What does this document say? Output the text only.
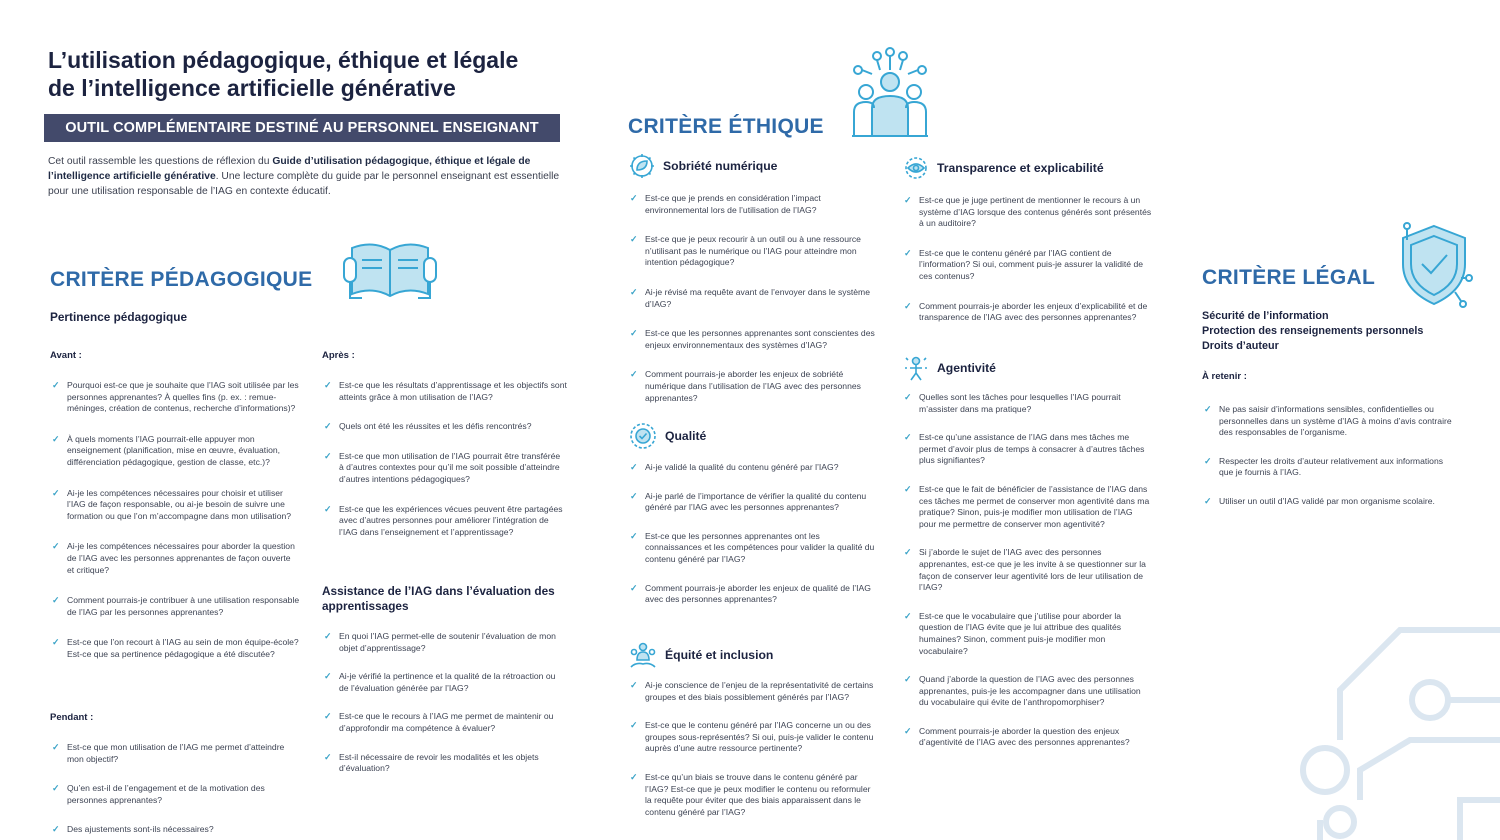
L’utilisation pédagogique, éthique et légale
de l’intelligence artificielle générative
OUTIL COMPLÉMENTAIRE DESTINÉ AU PERSONNEL ENSEIGNANT

Cet outil rassemble les questions de réflexion du Guide d’utilisation pédagogique, éthique et légale de l’intelligence artificielle générative. Une lecture complète du guide par le personnel enseignant est essentielle pour une utilisation responsable de l’IAG en contexte éducatif.

CRITÈRE PÉDAGOGIQUE
Pertinence pédagogique

Avant :

✓ Pourquoi est-ce que je souhaite que l’IAG soit utilisée par les personnes apprenantes? À quelles fins (p. ex. : remue-méninges, création de contenus, recherche d’informations)?
✓ À quels moments l’IAG pourrait-elle appuyer mon enseignement (planification, mise en œuvre, évaluation, différenciation pédagogique, gestion de classe, etc.)?
✓ Ai-je les compétences nécessaires pour choisir et utiliser l’IAG de façon responsable, ou ai-je besoin de suivre une formation ou que l’on m’accompagne dans mon utilisation?
✓ Ai-je les compétences nécessaires pour aborder la question de l’IAG avec les personnes apprenantes de façon ouverte et critique?
✓ Comment pourrais-je contribuer à une utilisation responsable de l’IAG par les personnes apprenantes?
✓ Est-ce que l’on recourt à l’IAG au sein de mon équipe-école? Est-ce que sa pertinence pédagogique a été discutée?

Pendant :

✓ Est-ce que mon utilisation de l’IAG me permet d’atteindre mon objectif?
✓ Qu’en est-il de l’engagement et de la motivation des personnes apprenantes?
✓ Des ajustements sont-ils nécessaires?

Après :

✓ Est-ce que les résultats d’apprentissage et les objectifs sont atteints grâce à mon utilisation de l’IAG?
✓ Quels ont été les réussites et les défis rencontrés?
✓ Est-ce que mon utilisation de l’IAG pourrait être transférée à d’autres contextes pour qu’il me soit possible d’atteindre d’autres intentions pédagogiques?
✓ Est-ce que les expériences vécues peuvent être partagées avec d’autres personnes pour améliorer l’intégration de l’IAG dans l’enseignement et l’apprentissage?
Assistance de l’IAG dans l’évaluation des apprentissages
✓ En quoi l’IAG permet-elle de soutenir l’évaluation de mon objet d’apprentissage?
✓ Ai-je vérifié la pertinence et la qualité de la rétroaction ou de l’évaluation générée par l’IAG?
✓ Est-ce que le recours à l’IAG me permet de maintenir ou d’approfondir ma compétence à évaluer?
✓ Est-il nécessaire de revoir les modalités et les objets d’évaluation?
CRITÈRE ÉTHIQUE
Sobriété numérique
✓ Est-ce que je prends en considération l’impact environnemental lors de l’utilisation de l’IAG?
✓ Est-ce que je peux recourir à un outil ou à une ressource n’utilisant pas le numérique ou l’IAG pour atteindre mon intention pédagogique?
✓ Ai-je révisé ma requête avant de l’envoyer dans le système d’IAG?
✓ Est-ce que les personnes apprenantes sont conscientes des enjeux environnementaux des systèmes d’IAG?
✓ Comment pourrais-je aborder les enjeux de sobriété numérique dans l’utilisation de l’IAG avec des personnes apprenantes?
Qualité
✓ Ai-je validé la qualité du contenu généré par l’IAG?
✓ Ai-je parlé de l’importance de vérifier la qualité du contenu généré par l’IAG avec les personnes apprenantes?
✓ Est-ce que les personnes apprenantes ont les connaissances et les compétences pour valider la qualité du contenu généré par l’IAG?
✓ Comment pourrais-je aborder les enjeux de qualité de l’IAG avec des personnes apprenantes?
Équité et inclusion
✓ Ai-je conscience de l’enjeu de la représentativité de certains groupes et des biais possiblement générés par l’IAG?
✓ Est-ce que le contenu généré par l’IAG concerne un ou des groupes sous-représentés? Si oui, puis-je valider le contenu auprès d’une autre ressource pertinente?
✓ Est-ce qu’un biais se trouve dans le contenu généré par l’IAG? Est-ce que je peux modifier le contenu ou reformuler la requête pour éviter que des biais apparaissent dans le contenu généré par l’IAG?
Transparence et explicabilité
✓ Est-ce que je juge pertinent de mentionner le recours à un système d’IAG lorsque des contenus générés sont présentés à un auditoire?
✓ Est-ce que le contenu généré par l’IAG contient de l’information? Si oui, comment puis-je assurer la validité de ces contenus?
✓ Comment pourrais-je aborder les enjeux d’explicabilité et de transparence de l’IAG avec des personnes apprenantes?
Agentivité
✓ Quelles sont les tâches pour lesquelles l’IAG pourrait m’assister dans ma pratique?
✓ Est-ce qu’une assistance de l’IAG dans mes tâches me permet d’avoir plus de temps à consacrer à d’autres tâches plus signifiantes?
✓ Est-ce que le fait de bénéficier de l’assistance de l’IAG dans ces tâches me permet de conserver mon agentivité dans ma pratique? Sinon, puis-je modifier mon utilisation de l’IAG pour me permettre de conserver mon agentivité?
✓ Si j’aborde le sujet de l’IAG avec des personnes apprenantes, est-ce que je les invite à se questionner sur la façon de conserver leur agentivité lors de leur utilisation de l’IAG?
✓ Est-ce que le vocabulaire que j’utilise pour aborder la question de l’IAG évite que je lui attribue des qualités humaines? Sinon, comment puis-je modifier mon vocabulaire?
✓ Quand j’aborde la question de l’IAG avec des personnes apprenantes, puis-je les accompagner dans une utilisation du vocabulaire qui évite de l’anthropomorphiser?
✓ Comment pourrais-je aborder la question des enjeux d’agentivité de l’IAG avec des personnes apprenantes?
CRITÈRE LÉGAL

Sécurité de l’information

Protection des renseignements personnels

Droits d’auteur

À retenir :

✓ Ne pas saisir d’informations sensibles, confidentielles ou personnelles dans un système d’IAG à moins d’avis contraire des responsables de l’organisme.
✓ Respecter les droits d’auteur relativement aux informations que je fournis à l’IAG.
✓ Utiliser un outil d’IAG validé par mon organisme scolaire.
